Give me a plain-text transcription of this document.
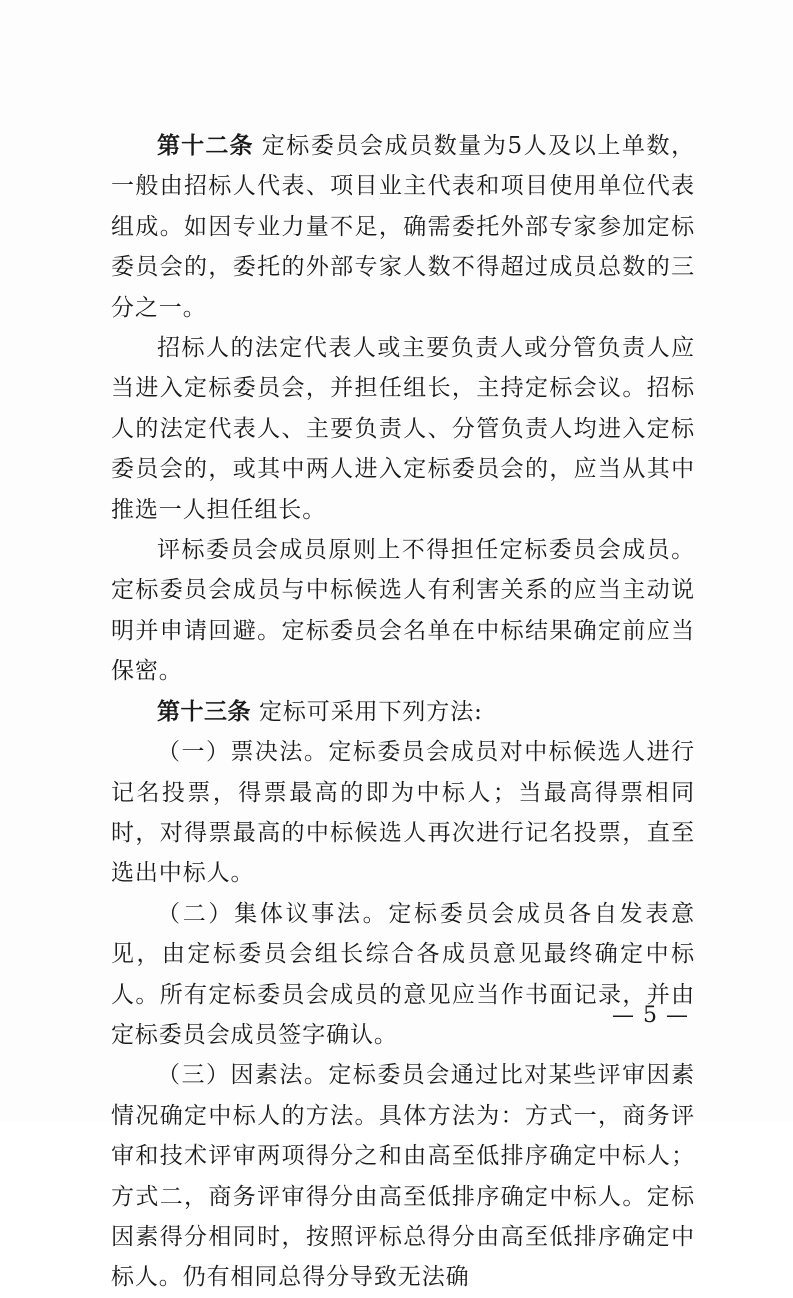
第十二条 定标委员会成员数量为5人及以上单数，一般由招标人代表、项目业主代表和项目使用单位代表组成。如因专业力量不足，确需委托外部专家参加定标委员会的，委托的外部专家人数不得超过成员总数的三分之一。

招标人的法定代表人或主要负责人或分管负责人应当进入定标委员会，并担任组长，主持定标会议。招标人的法定代表人、主要负责人、分管负责人均进入定标委员会的，或其中两人进入定标委员会的，应当从其中推选一人担任组长。

评标委员会成员原则上不得担任定标委员会成员。定标委员会成员与中标候选人有利害关系的应当主动说明并申请回避。定标委员会名单在中标结果确定前应当保密。

第十三条 定标可采用下列方法:

（一）票决法。定标委员会成员对中标候选人进行记名投票，得票最高的即为中标人；当最高得票相同时，对得票最高的中标候选人再次进行记名投票，直至选出中标人。

（二）集体议事法。定标委员会成员各自发表意见，由定标委员会组长综合各成员意见最终确定中标人。所有定标委员会成员的意见应当作书面记录，并由定标委员会成员签字确认。

（三）因素法。定标委员会通过比对某些评审因素情况确定中标人的方法。具体方法为：方式一，商务评审和技术评审两项得分之和由高至低排序确定中标人；方式二，商务评审得分由高至低排序确定中标人。定标因素得分相同时，按照评标总得分由高至低排序确定中标人。仍有相同总得分导致无法确

— 5 —
